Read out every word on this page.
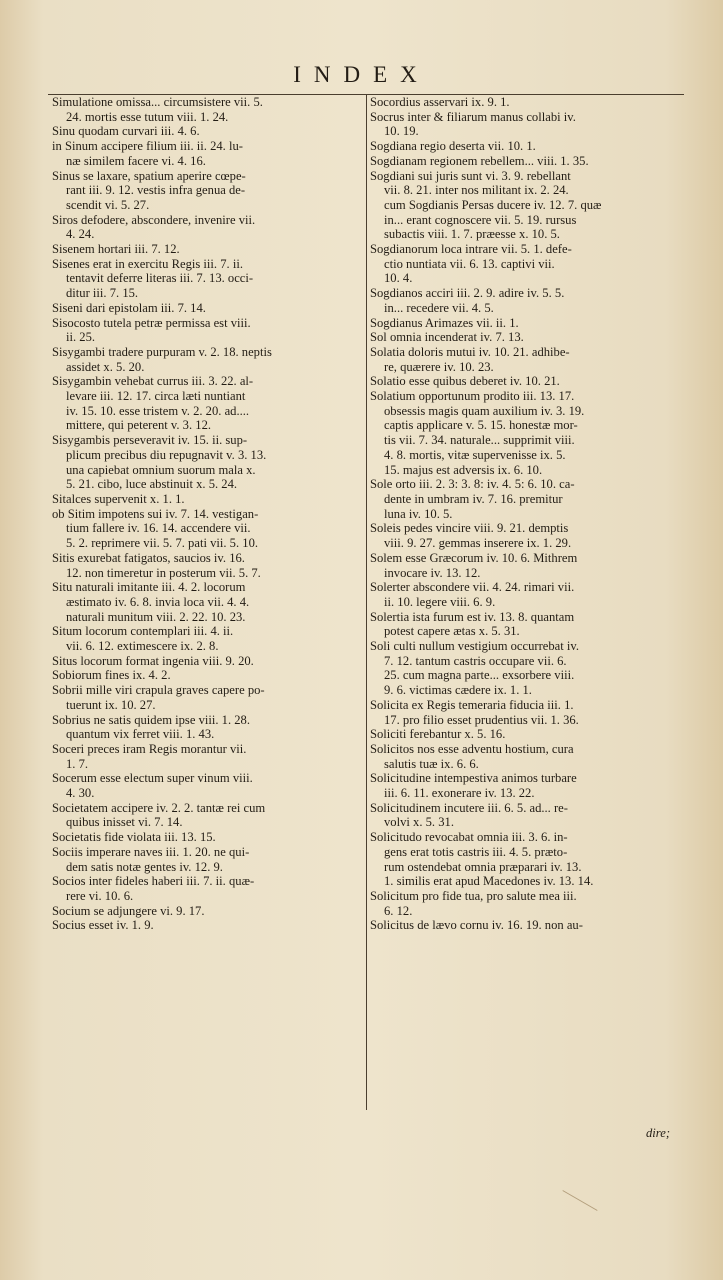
INDEX

Simulatione omissa... circumsistere vii. 5.
24. mortis esse tutum viii. 1. 24.

Sinu quodam curvari iii. 4. 6.

in Sinum accipere filium iii. ii. 24. lu-
næ similem facere vi. 4. 16.

Sinus se laxare, spatium aperire cœpe-
rant iii. 9. 12. vestis infra genua de-
scendit vi. 5. 27.

Siros defodere, abscondere, invenire vii.
4. 24.

Sisenem hortari iii. 7. 12.

Sisenes erat in exercitu Regis iii. 7. ii.
tentavit deferre literas iii. 7. 13. occi-
ditur iii. 7. 15.

Siseni dari epistolam iii. 7. 14.

Sisocosto tutela petræ permissa est viii.
ii. 25.

Sisygambi tradere purpuram v. 2. 18. neptis
assidet x. 5. 20.

Sisygambin vehebat currus iii. 3. 22. al-
levare iii. 12. 17. circa læti nuntiant
iv. 15. 10. esse tristem v. 2. 20. ad....
mittere, qui peterent v. 3. 12.

Sisygambis perseveravit iv. 15. ii. sup-
plicum precibus diu repugnavit v. 3. 13.
una capiebat omnium suorum mala x.
5. 21. cibo, luce abstinuit x. 5. 24.

Sitalces supervenit x. 1. 1.

ob Sitim impotens sui iv. 7. 14. vestigan-
tium fallere iv. 16. 14. accendere vii.
5. 2. reprimere vii. 5. 7. pati vii. 5. 10.

Sitis exurebat fatigatos, saucios iv. 16.
12. non timeretur in posterum vii. 5. 7.

Situ naturali imitante iii. 4. 2. locorum
æstimato iv. 6. 8. invia loca vii. 4. 4.
naturali munitum viii. 2. 22. 10. 23.

Situm locorum contemplari iii. 4. ii.
vii. 6. 12. extimescere ix. 2. 8.

Situs locorum format ingenia viii. 9. 20.

Sobiorum fines ix. 4. 2.

Sobrii mille viri crapula graves capere po-
tuerunt ix. 10. 27.

Sobrius ne satis quidem ipse viii. 1. 28.
quantum vix ferret viii. 1. 43.

Soceri preces iram Regis morantur vii.
1. 7.

Socerum esse electum super vinum viii.
4. 30.

Societatem accipere iv. 2. 2. tantæ rei cum
quibus inisset vi. 7. 14.

Societatis fide violata iii. 13. 15.

Sociis imperare naves iii. 1. 20. ne qui-
dem satis notæ gentes iv. 12. 9.

Socios inter fideles haberi iii. 7. ii. quæ-
rere vi. 10. 6.

Socium se adjungere vi. 9. 17.

Socius esset iv. 1. 9.

Socordius asservari ix. 9. 1.

Socrus inter & filiarum manus collabi iv.
10. 19.

Sogdiana regio deserta vii. 10. 1.

Sogdianam regionem rebellem... viii. 1. 35.

Sogdiani sui juris sunt vi. 3. 9. rebellant
vii. 8. 21. inter nos militant ix. 2. 24.
cum Sogdianis Persas ducere iv. 12. 7. quæ
in... erant cognoscere vii. 5. 19. rursus
subactis viii. 1. 7. præesse x. 10. 5.

Sogdianorum loca intrare vii. 5. 1. defe-
ctio nuntiata vii. 6. 13. captivi vii.
10. 4.

Sogdianos acciri iii. 2. 9. adire iv. 5. 5.
in... recedere vii. 4. 5.

Sogdianus Arimazes vii. ii. 1.

Sol omnia incenderat iv. 7. 13.

Solatia doloris mutui iv. 10. 21. adhibe-
re, quærere iv. 10. 23.

Solatio esse quibus deberet iv. 10. 21.

Solatium opportunum prodito iii. 13. 17.
obsessis magis quam auxilium iv. 3. 19.
captis applicare v. 5. 15. honestæ mor-
tis vii. 7. 34. naturale... supprimit viii.
4. 8. mortis, vitæ supervenisse ix. 5.
15. majus est adversis ix. 6. 10.

Sole orto iii. 2. 3: 3. 8: iv. 4. 5: 6. 10. ca-
dente in umbram iv. 7. 16. premitur
luna iv. 10. 5.

Soleis pedes vincire viii. 9. 21. demptis
viii. 9. 27. gemmas inserere ix. 1. 29.

Solem esse Græcorum iv. 10. 6. Mithrem
invocare iv. 13. 12.

Solerter abscondere vii. 4. 24. rimari vii.
ii. 10. legere viii. 6. 9.

Solertia ista furum est iv. 13. 8. quantam
potest capere ætas x. 5. 31.

Soli culti nullum vestigium occurrebat iv.
7. 12. tantum castris occupare vii. 6.
25. cum magna parte... exsorbere viii.
9. 6. victimas cædere ix. 1. 1.

Solicita ex Regis temeraria fiducia iii. 1.
17. pro filio esset prudentius vii. 1. 36.

Soliciti ferebantur x. 5. 16.

Solicitos nos esse adventu hostium, cura
salutis tuæ ix. 6. 6.

Solicitudine intempestiva animos turbare
iii. 6. 11. exonerare iv. 13. 22.

Solicitudinem incutere iii. 6. 5. ad... re-
volvi x. 5. 31.

Solicitudo revocabat omnia iii. 3. 6. in-
gens erat totis castris iii. 4. 5. præto-
rum ostendebat omnia præparari iv. 13.
1. similis erat apud Macedones iv. 13. 14.

Solicitum pro fide tua, pro salute mea iii.
6. 12.

Solicitus de lævo cornu iv. 16. 19. non au-

dire;
